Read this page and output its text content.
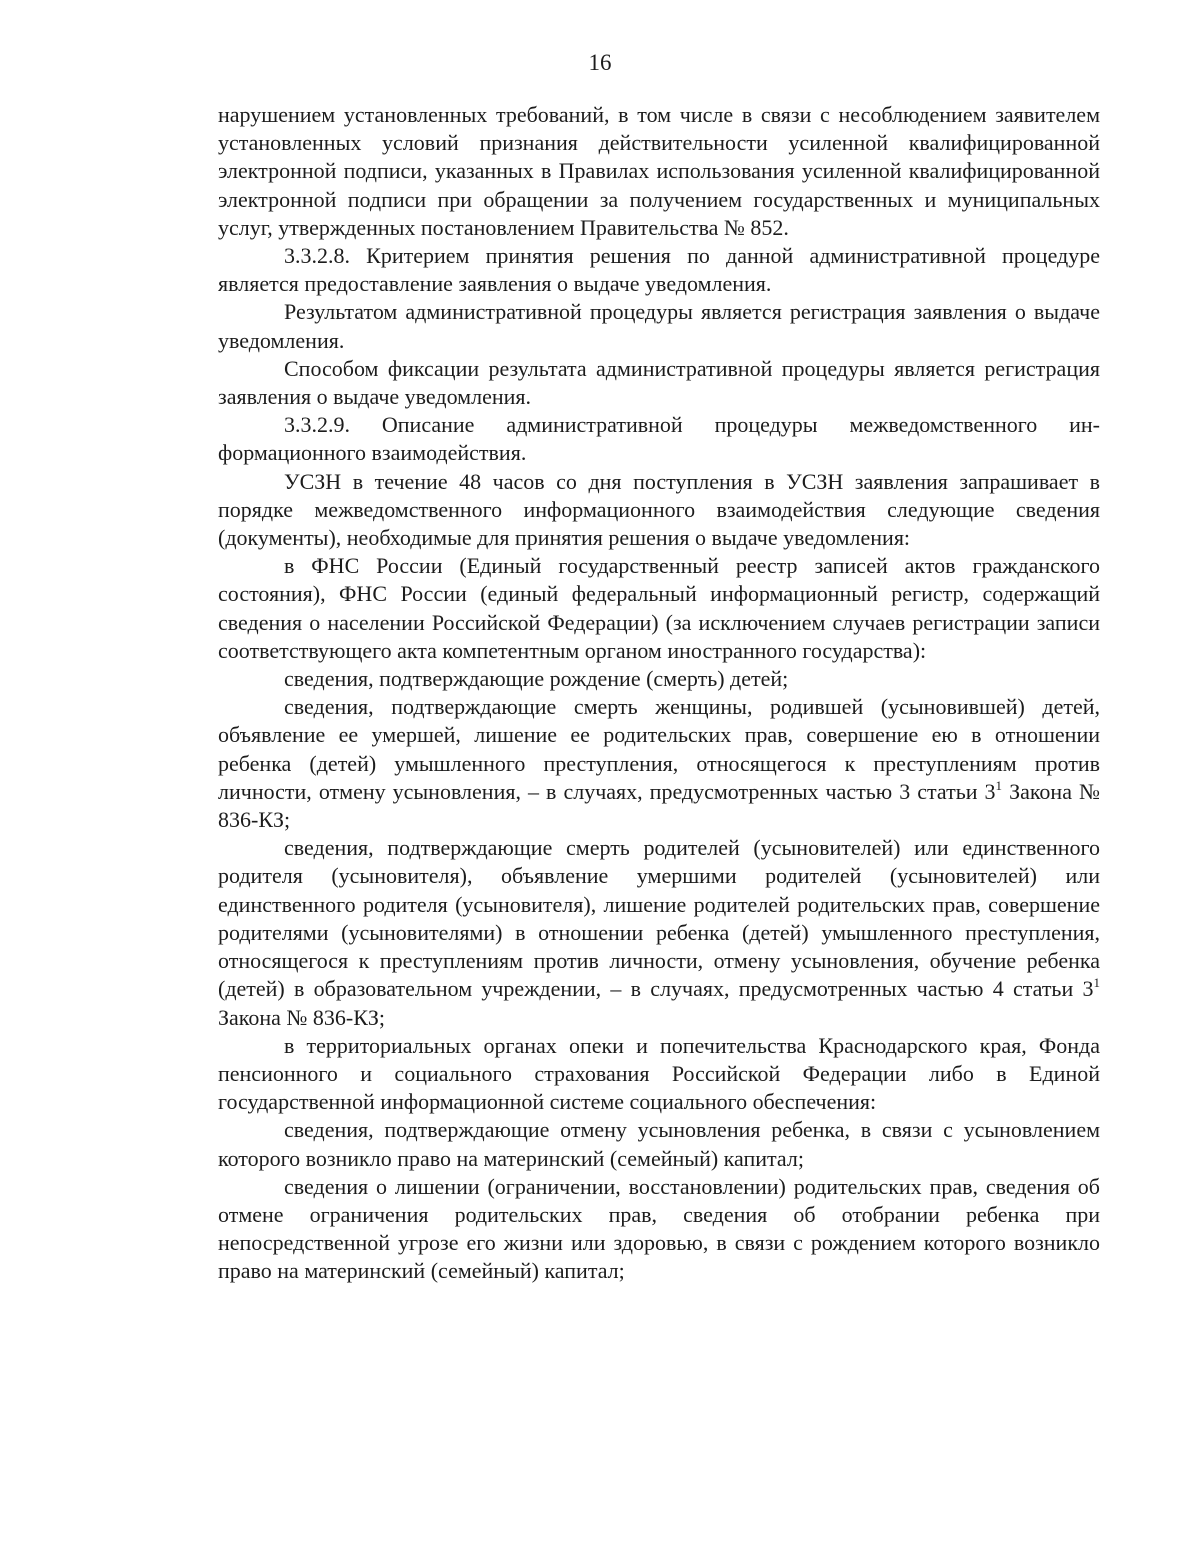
16

нарушением установленных требований, в том числе в связи с несоблюдением заявителем установленных условий признания действительности усиленной квалифицированной электронной подписи, указанных в Правилах использования усиленной квалифицированной электронной подписи при обращении за получением государственных и муниципальных услуг, утвержденных постановлением Правительства № 852.

3.3.2.8. Критерием принятия решения по данной административной процедуре является предоставление заявления о выдаче уведомления.

Результатом административной процедуры является регистрация заявления о выдаче уведомления.

Способом фиксации результата административной процедуры является регистрация заявления о выдаче уведомления.

3.3.2.9. Описание административной процедуры межведомственного информационного взаимодействия.

УСЗН в течение 48 часов со дня поступления в УСЗН заявления запрашивает в порядке межведомственного информационного взаимодействия следующие сведения (документы), необходимые для принятия решения о выдаче уведомления:

в ФНС России (Единый государственный реестр записей актов гражданского состояния), ФНС России (единый федеральный информационный регистр, содержащий сведения о населении Российской Федерации) (за исключением случаев регистрации записи соответствующего акта компетентным органом иностранного государства):

сведения, подтверждающие рождение (смерть) детей;

сведения, подтверждающие смерть женщины, родившей (усыновившей) детей, объявление ее умершей, лишение ее родительских прав, совершение ею в отношении ребенка (детей) умышленного преступления, относящегося к преступлениям против личности, отмену усыновления, – в случаях, предусмотренных частью 3 статьи $3^1$ Закона № 836-КЗ;

сведения, подтверждающие смерть родителей (усыновителей) или единственного родителя (усыновителя), объявление умершими родителей (усыновителей) или единственного родителя (усыновителя), лишение родителей родительских прав, совершение родителями (усыновителями) в отношении ребенка (детей) умышленного преступления, относящегося к преступлениям против личности, отмену усыновления, обучение ребенка (детей) в образовательном учреждении, – в случаях, предусмотренных частью 4 статьи $3^1$ Закона № 836-КЗ;

в территориальных органах опеки и попечительства Краснодарского края, Фонда пенсионного и социального страхования Российской Федерации либо в Единой государственной информационной системе социального обеспечения:

сведения, подтверждающие отмену усыновления ребенка, в связи с усыновлением которого возникло право на материнский (семейный) капитал;

сведения о лишении (ограничении, восстановлении) родительских прав, сведения об отмене ограничения родительских прав, сведения об отобрании ребенка при непосредственной угрозе его жизни или здоровью, в связи с рождением которого возникло право на материнский (семейный) капитал;
